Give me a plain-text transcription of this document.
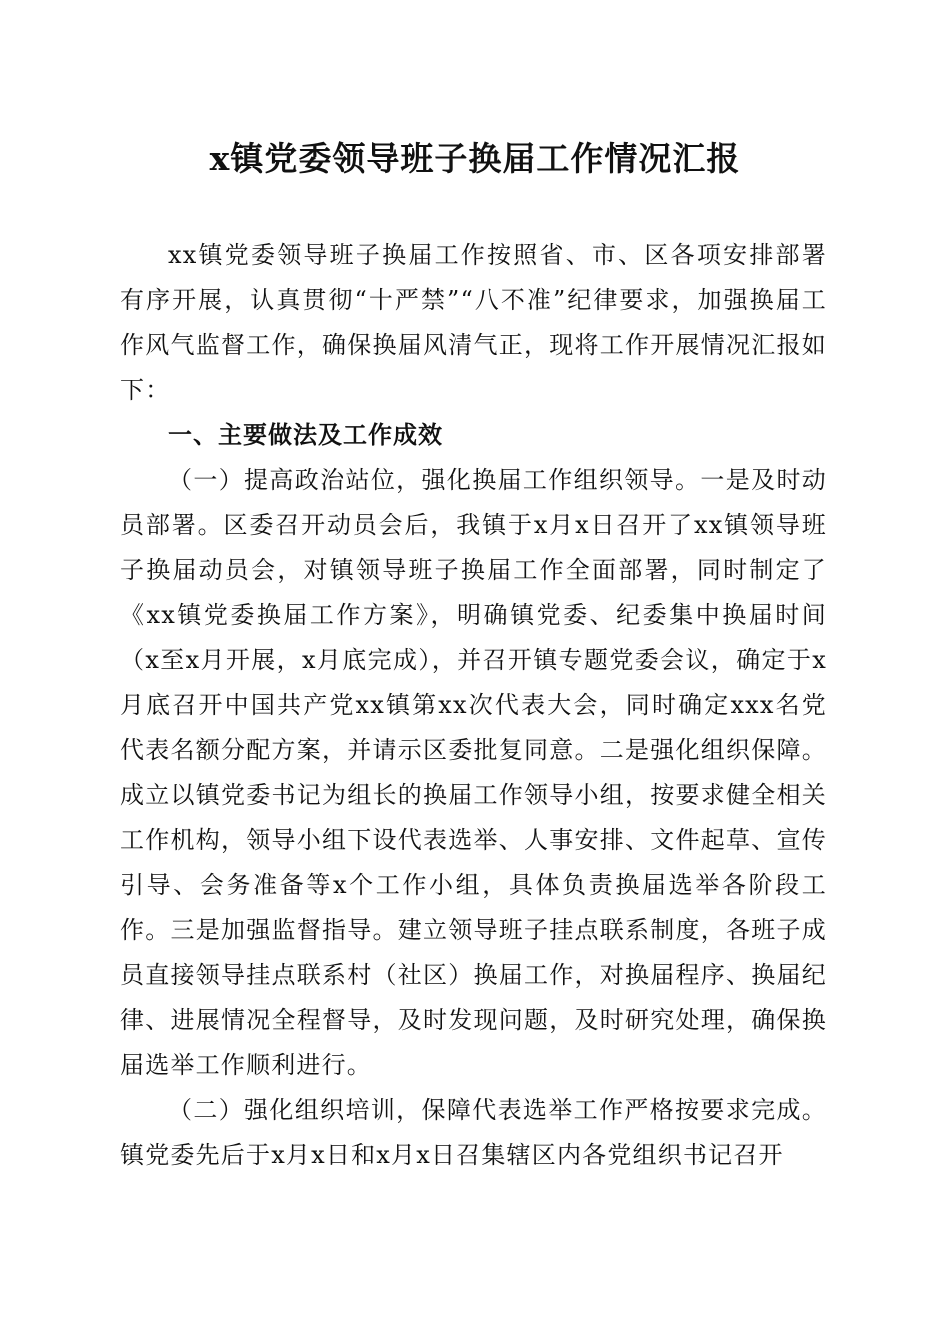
x镇党委领导班子换届工作情况汇报

xx镇党委领导班子换届工作按照省、市、区各项安排部署有序开展，认真贯彻“十严禁”“八不准”纪律要求，加强换届工作风气监督工作，确保换届风清气正，现将工作开展情况汇报如下：

一、主要做法及工作成效

（一）提高政治站位，强化换届工作组织领导。一是及时动员部署。区委召开动员会后，我镇于x月x日召开了xx镇领导班子换届动员会，对镇领导班子换届工作全面部署，同时制定了《xx镇党委换届工作方案》，明确镇党委、纪委集中换届时间（x至x月开展，x月底完成），并召开镇专题党委会议，确定于x月底召开中国共产党xx镇第xx次代表大会，同时确定xxx名党代表名额分配方案，并请示区委批复同意。二是强化组织保障。成立以镇党委书记为组长的换届工作领导小组，按要求健全相关工作机构，领导小组下设代表选举、人事安排、文件起草、宣传引导、会务准备等x个工作小组，具体负责换届选举各阶段工作。三是加强监督指导。建立领导班子挂点联系制度，各班子成员直接领导挂点联系村（社区）换届工作，对换届程序、换届纪律、进展情况全程督导，及时发现问题，及时研究处理，确保换届选举工作顺利进行。

（二）强化组织培训，保障代表选举工作严格按要求完成。镇党委先后于x月x日和x月x日召集辖区内各党组织书记召开
